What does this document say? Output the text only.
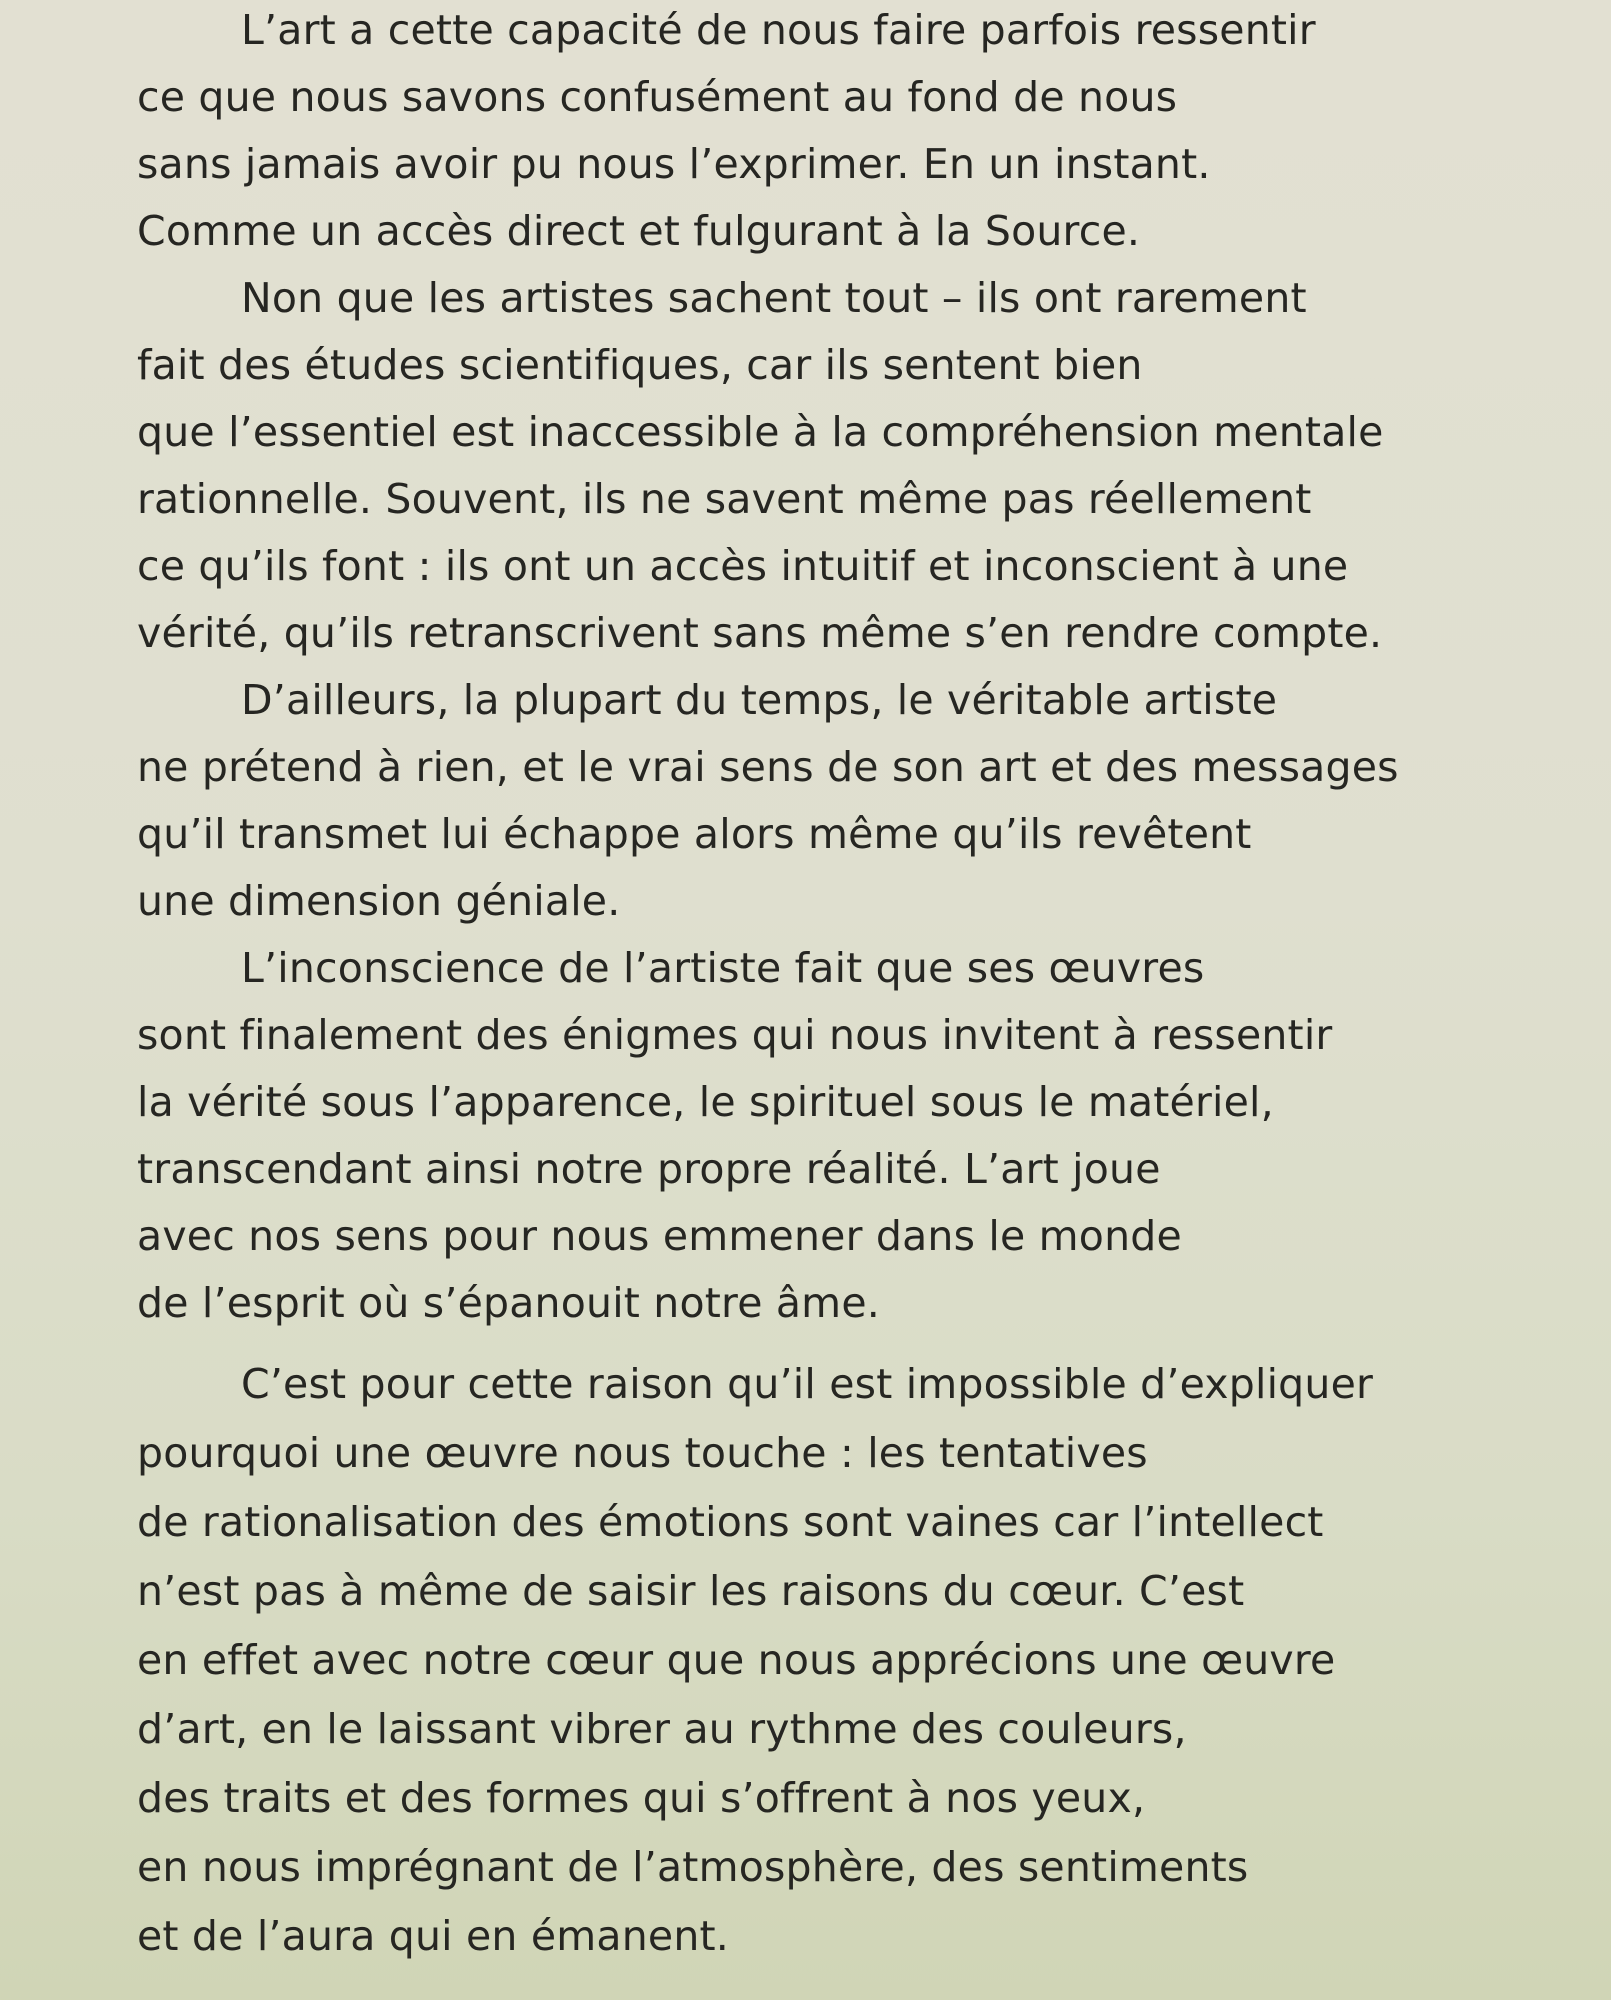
L’art a cette capacité de nous faire parfois ressentir
ce que nous savons confusément au fond de nous
sans jamais avoir pu nous l’exprimer. En un instant.
Comme un accès direct et fulgurant à la Source.
Non que les artistes sachent tout – ils ont rarement
fait des études scientifiques, car ils sentent bien
que l’essentiel est inaccessible à la compréhension mentale
rationnelle. Souvent, ils ne savent même pas réellement
ce qu’ils font : ils ont un accès intuitif et inconscient à une
vérité, qu’ils retranscrivent sans même s’en rendre compte.
D’ailleurs, la plupart du temps, le véritable artiste
ne prétend à rien, et le vrai sens de son art et des messages
qu’il transmet lui échappe alors même qu’ils revêtent
une dimension géniale.
L’inconscience de l’artiste fait que ses œuvres
sont finalement des énigmes qui nous invitent à ressentir
la vérité sous l’apparence, le spirituel sous le matériel,
transcendant ainsi notre propre réalité. L’art joue
avec nos sens pour nous emmener dans le monde
de l’esprit où s’épanouit notre âme.
C’est pour cette raison qu’il est impossible d’expliquer
pourquoi une œuvre nous touche : les tentatives
de rationalisation des émotions sont vaines car l’intellect
n’est pas à même de saisir les raisons du cœur. C’est
en effet avec notre cœur que nous apprécions une œuvre
d’art, en le laissant vibrer au rythme des couleurs,
des traits et des formes qui s’offrent à nos yeux,
en nous imprégnant de l’atmosphère, des sentiments
et de l’aura qui en émanent.
